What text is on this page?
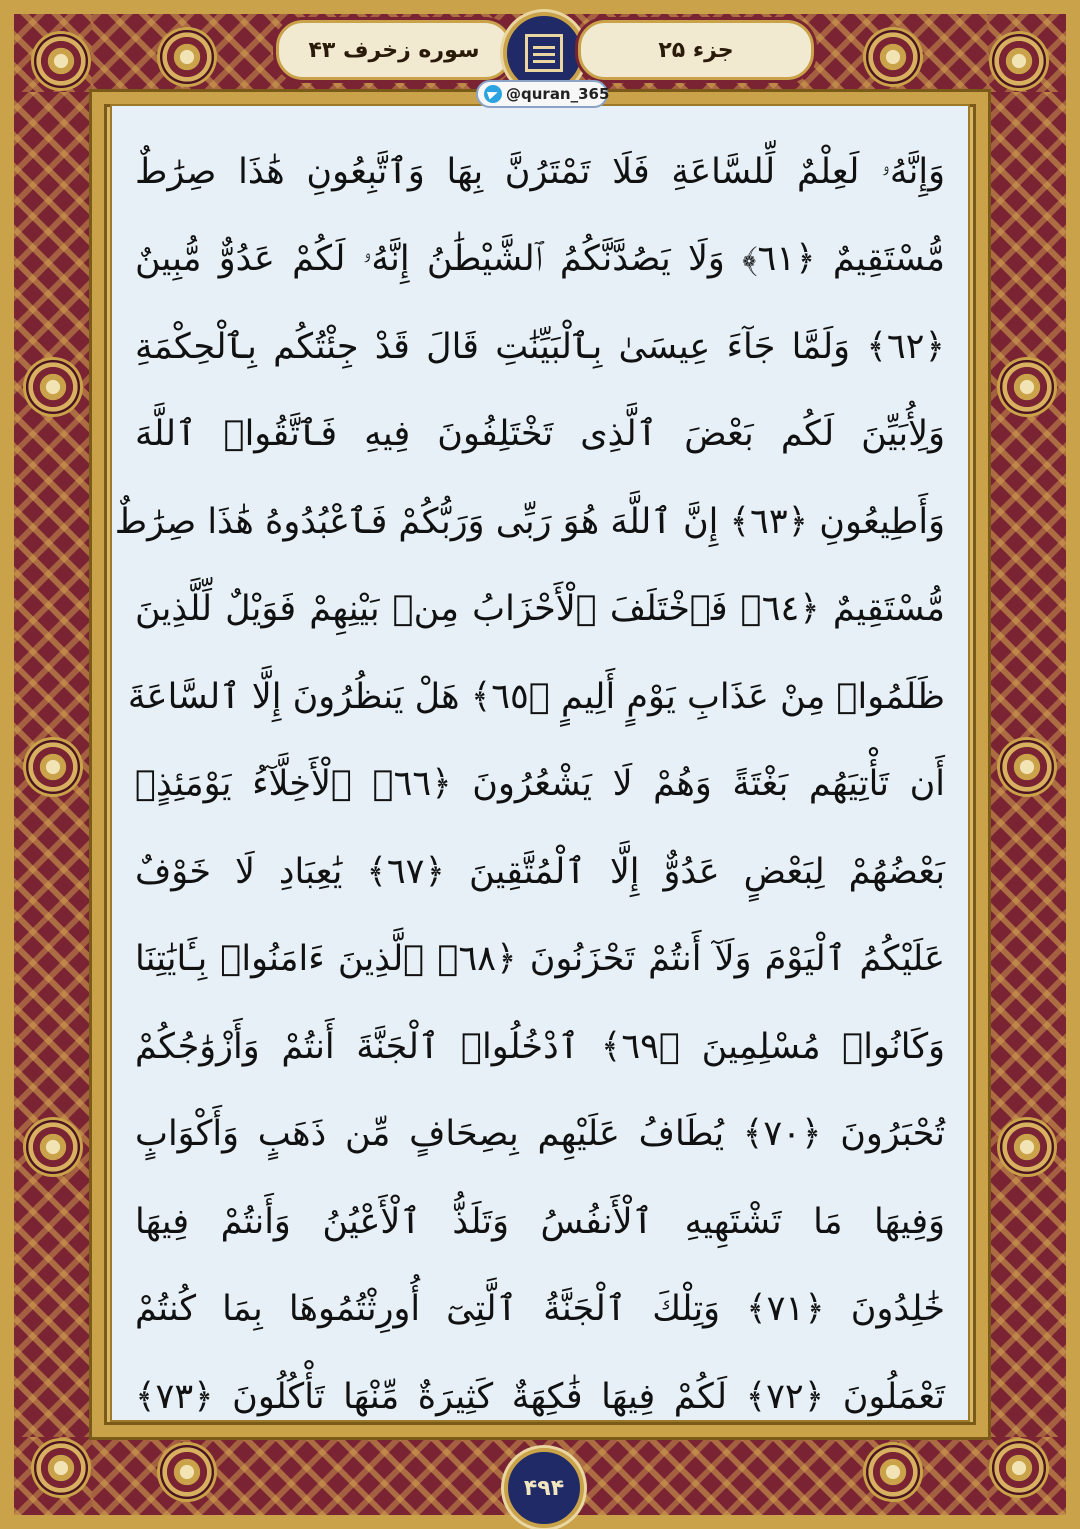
سوره زخرف ۴۳	جزء ۲۵
@quran_365
وَإِنَّهُۥ لَعِلْمٌ لِّلسَّاعَةِ فَلَا تَمْتَرُنَّ بِهَا وَٱتَّبِعُونِ هَٰذَا صِرَٰطٌ
مُّسْتَقِيمٌ ﴿٦١﴾ وَلَا يَصُدَّنَّكُمُ ٱلشَّيْطَٰنُ إِنَّهُۥ لَكُمْ عَدُوٌّ مُّبِينٌ
﴿٦٢﴾ وَلَمَّا جَآءَ عِيسَىٰ بِٱلْبَيِّنَٰتِ قَالَ قَدْ جِئْتُكُم بِٱلْحِكْمَةِ
وَلِأُبَيِّنَ لَكُم بَعْضَ ٱلَّذِى تَخْتَلِفُونَ فِيهِ فَٱتَّقُوا۟ ٱللَّهَ
وَأَطِيعُونِ ﴿٦٣﴾ إِنَّ ٱللَّهَ هُوَ رَبِّى وَرَبُّكُمْ فَٱعْبُدُوهُ هَٰذَا صِرَٰطٌ
مُّسْتَقِيمٌ ﴿٦٤﴾ فَٱخْتَلَفَ ٱلْأَحْزَابُ مِنۢ بَيْنِهِمْ فَوَيْلٌ لِّلَّذِينَ
ظَلَمُوا۟ مِنْ عَذَابِ يَوْمٍ أَلِيمٍ ﴿٦٥﴾ هَلْ يَنظُرُونَ إِلَّا ٱلسَّاعَةَ
أَن تَأْتِيَهُم بَغْتَةً وَهُمْ لَا يَشْعُرُونَ ﴿٦٦﴾ ٱلْأَخِلَّآءُ يَوْمَئِذٍۭ
بَعْضُهُمْ لِبَعْضٍ عَدُوٌّ إِلَّا ٱلْمُتَّقِينَ ﴿٦٧﴾ يَٰعِبَادِ لَا خَوْفٌ
عَلَيْكُمُ ٱلْيَوْمَ وَلَآ أَنتُمْ تَحْزَنُونَ ﴿٦٨﴾ ٱلَّذِينَ ءَامَنُوا۟ بِـَٔايَٰتِنَا
وَكَانُوا۟ مُسْلِمِينَ ﴿٦٩﴾ ٱدْخُلُوا۟ ٱلْجَنَّةَ أَنتُمْ وَأَزْوَٰجُكُمْ
تُحْبَرُونَ ﴿٧٠﴾ يُطَافُ عَلَيْهِم بِصِحَافٍ مِّن ذَهَبٍ وَأَكْوَابٍ
وَفِيهَا مَا تَشْتَهِيهِ ٱلْأَنفُسُ وَتَلَذُّ ٱلْأَعْيُنُ وَأَنتُمْ فِيهَا
خَٰلِدُونَ ﴿٧١﴾ وَتِلْكَ ٱلْجَنَّةُ ٱلَّتِىٓ أُورِثْتُمُوهَا بِمَا كُنتُمْ
تَعْمَلُونَ ﴿٧٢﴾ لَكُمْ فِيهَا فَٰكِهَةٌ كَثِيرَةٌ مِّنْهَا تَأْكُلُونَ ﴿٧٣﴾
۴۹۴
